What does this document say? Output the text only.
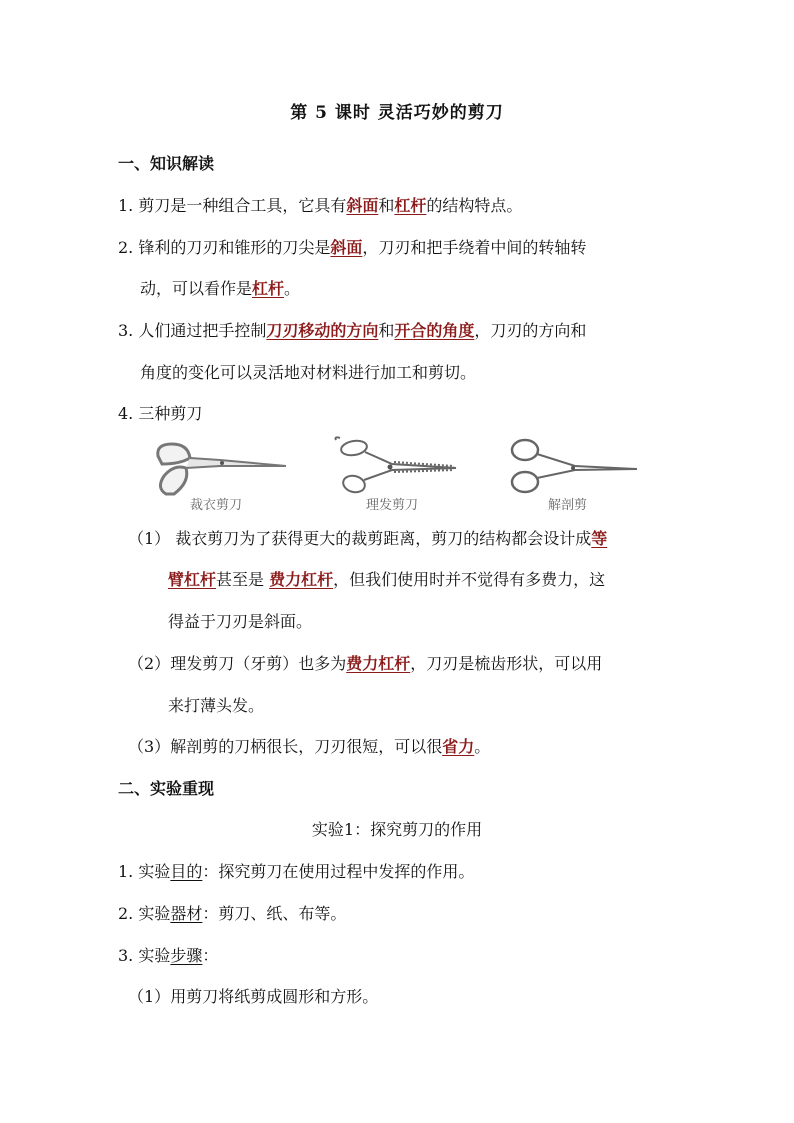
第 5 课时 灵活巧妙的剪刀
一、知识解读
1. 剪刀是一种组合工具，它具有斜面和杠杆的结构特点。
2. 锋利的刀刃和锥形的刀尖是斜面，刀刃和把手绕着中间的转轴转
动，可以看作是杠杆。
3. 人们通过把手控制刀刃移动的方向和开合的角度，刀刃的方向和
角度的变化可以灵活地对材料进行加工和剪切。
4. 三种剪刀
裁衣剪刀	理发剪刀	解剖剪
（1） 裁衣剪刀为了获得更大的裁剪距离，剪刀的结构都会设计成等
臂杠杆甚至是 费力杠杆，但我们使用时并不觉得有多费力，这
得益于刀刃是斜面。
（2）理发剪刀（牙剪）也多为费力杠杆，刀刃是梳齿形状，可以用
来打薄头发。
（3）解剖剪的刀柄很长，刀刃很短，可以很省力。
二、实验重现
实验1：探究剪刀的作用
1. 实验目的：探究剪刀在使用过程中发挥的作用。
2. 实验器材：剪刀、纸、布等。
3. 实验步骤：
（1）用剪刀将纸剪成圆形和方形。
